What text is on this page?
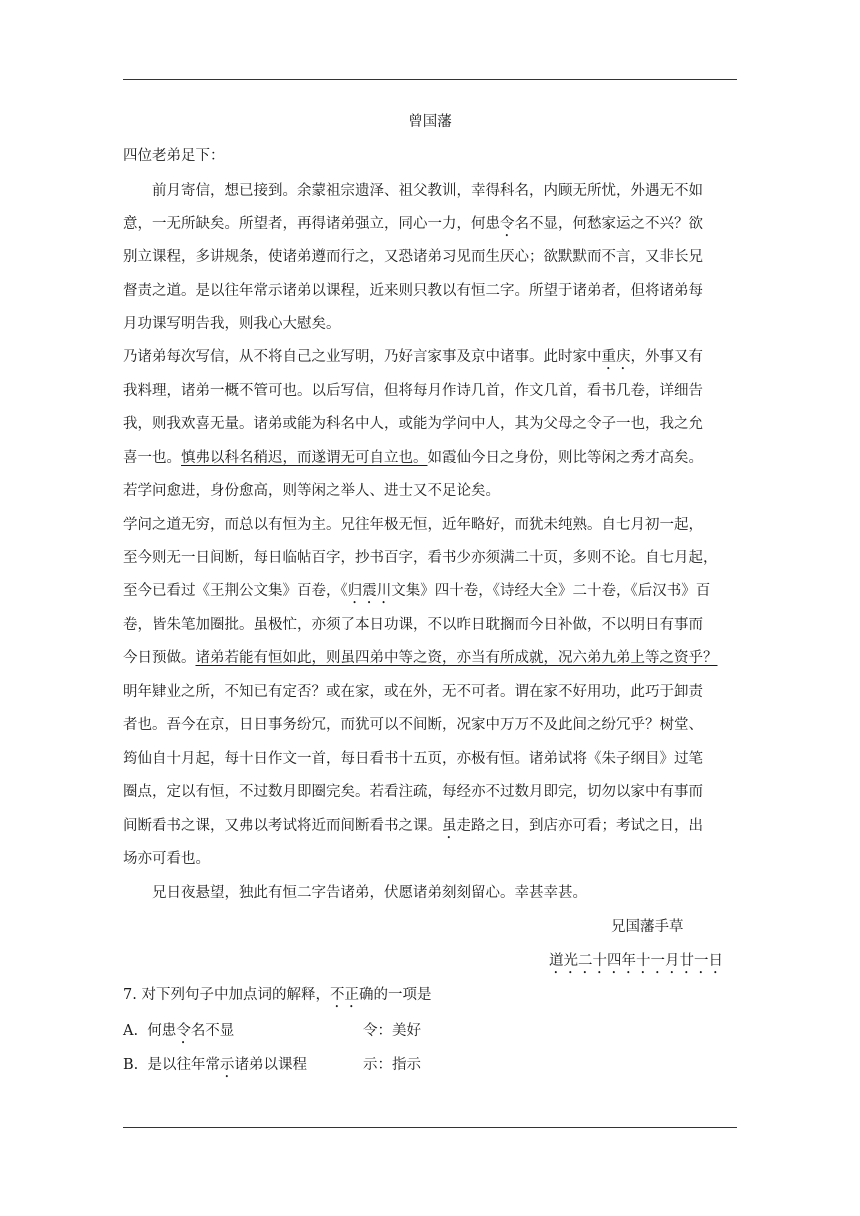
曾国藩
四位老弟足下：
前月寄信，想已接到。余蒙祖宗遗泽、祖父教训，幸得科名，内顾无所忧，外遇无不如
意，一无所缺矣。所望者，再得诸弟强立，同心一力，何患令名不显，何愁家运之不兴？欲
别立课程，多讲规条，使诸弟遵而行之，又恐诸弟习见而生厌心；欲默默而不言，又非长兄
督责之道。是以往年常示诸弟以课程，近来则只教以有恒二字。所望于诸弟者，但将诸弟每
月功课写明告我，则我心大慰矣。
乃诸弟每次写信，从不将自己之业写明，乃好言家事及京中诸事。此时家中重庆，外事又有
我料理，诸弟一概不管可也。以后写信，但将每月作诗几首，作文几首，看书几卷，详细告
我，则我欢喜无量。诸弟或能为科名中人，或能为学问中人，其为父母之令子一也，我之允
喜一也。慎弗以科名稍迟，而遂谓无可自立也。如霞仙今日之身份，则比等闲之秀才高矣。
若学问愈进，身份愈高，则等闲之举人、进士又不足论矣。
学问之道无穷，而总以有恒为主。兄往年极无恒，近年略好，而犹未纯熟。自七月初一起，
至今则无一日间断，每日临帖百字，抄书百字，看书少亦须满二十页，多则不论。自七月起，
至今已看过《王荆公文集》百卷，《归震川文集》四十卷，《诗经大全》二十卷，《后汉书》百
卷，皆朱笔加圈批。虽极忙，亦须了本日功课，不以昨日耽搁而今日补做，不以明日有事而
今日预做。诸弟若能有恒如此，则虽四弟中等之资，亦当有所成就，况六弟九弟上等之资乎？
明年肄业之所，不知已有定否？或在家，或在外，无不可者。谓在家不好用功，此巧于卸责
者也。吾今在京，日日事务纷冗，而犹可以不间断，况家中万万不及此间之纷冗乎？树堂、
筠仙自十月起，每十日作文一首，每日看书十五页，亦极有恒。诸弟试将《朱子纲目》过笔
圈点，定以有恒，不过数月即圈完矣。若看注疏，每经亦不过数月即完，切勿以家中有事而
间断看书之课，又弗以考试将近而间断看书之课。虽走路之日，到店亦可看；考试之日，出
场亦可看也。
兄日夜悬望，独此有恒二字告诸弟，伏愿诸弟刻刻留心。幸甚幸甚。
兄国藩手草
道光二十四年十一月廿一日
7. 对下列句子中加点词的解释，不正确的一项是
A. 何患令名不显	令：美好
B. 是以往年常示诸弟以课程	示：指示
